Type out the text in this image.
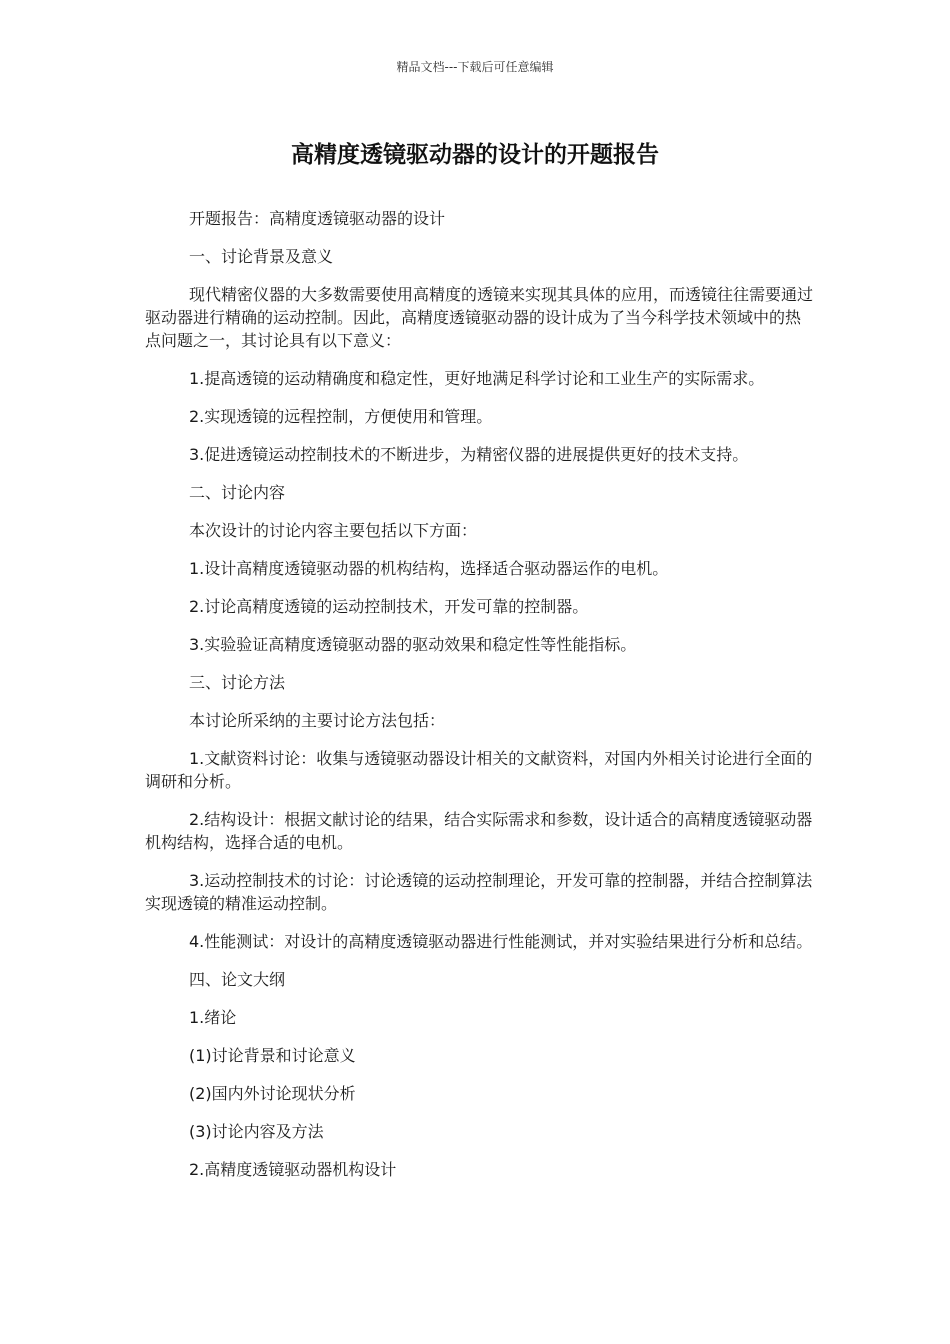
精品文档---下载后可任意编辑
高精度透镜驱动器的设计的开题报告

开题报告：高精度透镜驱动器的设计

一、讨论背景及意义

现代精密仪器的大多数需要使用高精度的透镜来实现其具体的应用，而透镜往往需要通过驱动器进行精确的运动控制。因此，高精度透镜驱动器的设计成为了当今科学技术领域中的热点问题之一，其讨论具有以下意义：

1.提高透镜的运动精确度和稳定性，更好地满足科学讨论和工业生产的实际需求。

2.实现透镜的远程控制，方便使用和管理。

3.促进透镜运动控制技术的不断进步，为精密仪器的进展提供更好的技术支持。

二、讨论内容

本次设计的讨论内容主要包括以下方面：

1.设计高精度透镜驱动器的机构结构，选择适合驱动器运作的电机。

2.讨论高精度透镜的运动控制技术，开发可靠的控制器。

3.实验验证高精度透镜驱动器的驱动效果和稳定性等性能指标。

三、讨论方法

本讨论所采纳的主要讨论方法包括：

1.文献资料讨论：收集与透镜驱动器设计相关的文献资料，对国内外相关讨论进行全面的调研和分析。

2.结构设计：根据文献讨论的结果，结合实际需求和参数，设计适合的高精度透镜驱动器机构结构，选择合适的电机。

3.运动控制技术的讨论：讨论透镜的运动控制理论，开发可靠的控制器，并结合控制算法实现透镜的精准运动控制。

4.性能测试：对设计的高精度透镜驱动器进行性能测试，并对实验结果进行分析和总结。

四、论文大纲

1.绪论

(1)讨论背景和讨论意义

(2)国内外讨论现状分析

(3)讨论内容及方法

2.高精度透镜驱动器机构设计
